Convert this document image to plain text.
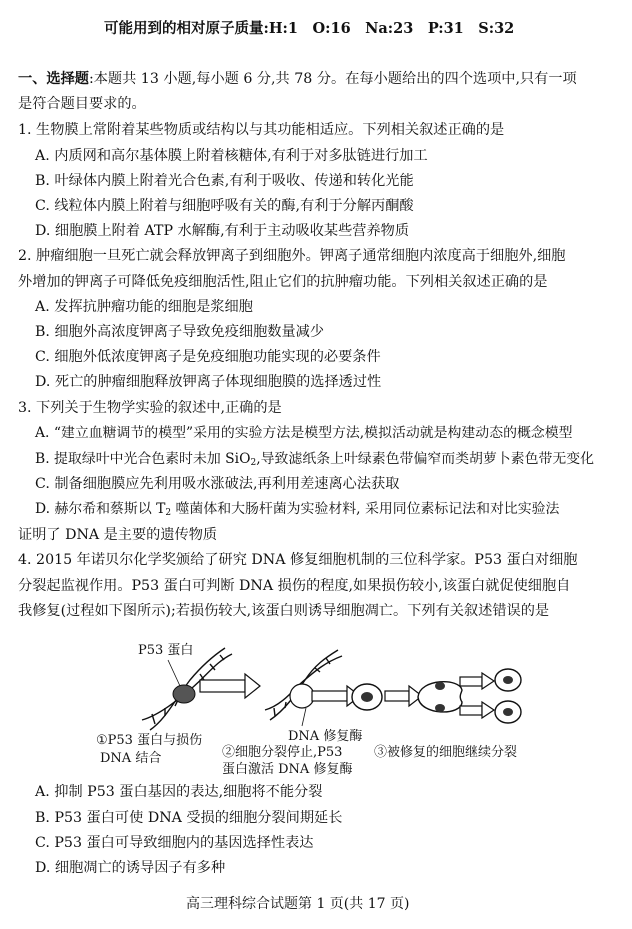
可能用到的相对原子质量:H:1　O:16　Na:23　P:31　S:32
一、选择题:本题共 13 小题,每小题 6 分,共 78 分。在每小题给出的四个选项中,只有一项
是符合题目要求的。
1. 生物膜上常附着某些物质或结构以与其功能相适应。下列相关叙述正确的是
A. 内质网和高尔基体膜上附着核糖体,有利于对多肽链进行加工
B. 叶绿体内膜上附着光合色素,有利于吸收、传递和转化光能
C. 线粒体内膜上附着与细胞呼吸有关的酶,有利于分解丙酮酸
D. 细胞膜上附着 ATP 水解酶,有利于主动吸收某些营养物质
2. 肿瘤细胞一旦死亡就会释放钾离子到细胞外。钾离子通常细胞内浓度高于细胞外,细胞
外增加的钾离子可降低免疫细胞活性,阻止它们的抗肿瘤功能。下列相关叙述正确的是
A. 发挥抗肿瘤功能的细胞是浆细胞
B. 细胞外高浓度钾离子导致免疫细胞数量减少
C. 细胞外低浓度钾离子是免疫细胞功能实现的必要条件
D. 死亡的肿瘤细胞释放钾离子体现细胞膜的选择透过性
3. 下列关于生物学实验的叙述中,正确的是
A. “建立血糖调节的模型”采用的实验方法是模型方法,模拟活动就是构建动态的概念模型
B. 提取绿叶中光合色素时未加 SiO$_2$,导致滤纸条上叶绿素色带偏窄而类胡萝卜素色带无变化
C. 制备细胞膜应先利用吸水涨破法,再利用差速离心法获取
D. 赫尔希和蔡斯以 $T_2$ 噬菌体和大肠杆菌为实验材料, 采用同位素标记法和对比实验法
证明了 DNA 是主要的遗传物质
4. 2015 年诺贝尔化学奖颁给了研究 DNA 修复细胞机制的三位科学家。P53 蛋白对细胞
分裂起监视作用。P53 蛋白可判断 DNA 损伤的程度,如果损伤较小,该蛋白就促使细胞自
我修复(过程如下图所示);若损伤较大,该蛋白则诱导细胞凋亡。下列有关叙述错误的是
P53 蛋白
DNA 修复酶
①P53 蛋白与损伤
DNA 结合	②细胞分裂停止,P53
蛋白激活 DNA 修复酶
③被修复的细胞继续分裂
A. 抑制 P53 蛋白基因的表达,细胞将不能分裂
B. P53 蛋白可使 DNA 受损的细胞分裂间期延长
C. P53 蛋白可导致细胞内的基因选择性表达
D. 细胞凋亡的诱导因子有多种
高三理科综合试题第 1 页(共 17 页)
